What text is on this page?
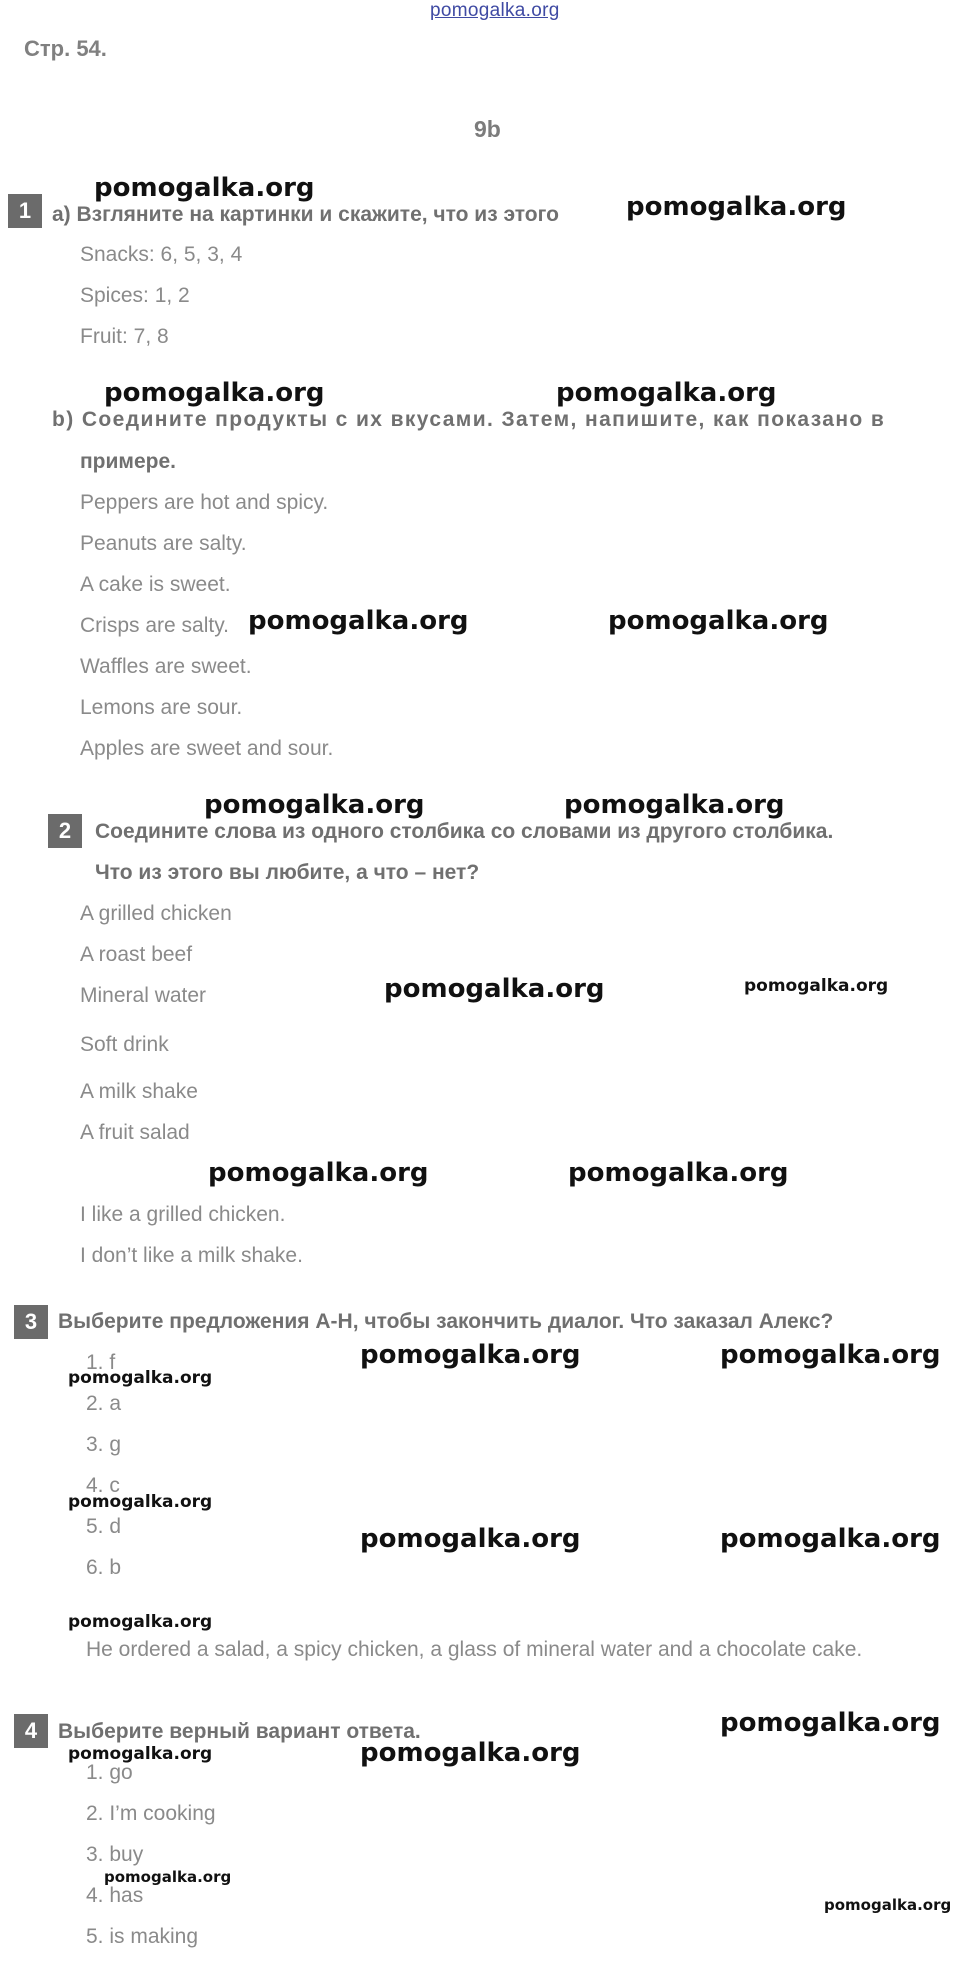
pomogalka.org
Стр. 54.
9b
1 a) Взгляните на картинки и скажите, что из этого
Snacks: 6, 5, 3, 4
Spices: 1, 2
Fruit: 7, 8
b) Соедините продукты с их вкусами. Затем, напишите, как показано в
примере.
Peppers are hot and spicy.
Peanuts are salty.
A cake is sweet.
Crisps are salty.
Waffles are sweet.
Lemons are sour.
Apples are sweet and sour.
2	Соедините слова из одного столбика со словами из другого столбика.
Что из этого вы любите, а что – нет?
A grilled chicken
A roast beef
Mineral water
Soft drink
A milk shake
A fruit salad
I like a grilled chicken.
I don’t like a milk shake.
3 Выберите предложения A-H, чтобы закончить диалог. Что заказал Алекс?
1. f
2. a
3. g
4. c
5. d
6. b
He ordered a salad, a spicy chicken, a glass of mineral water and a chocolate cake.
4 Выберите верный вариант ответа.
1. go
2. I’m cooking
3. buy
4. has
5. is making
pomogalka.org
pomogalka.org
pomogalka.org	pomogalka.org
pomogalka.org	pomogalka.org
pomogalka.org	pomogalka.org
pomogalka.org	pomogalka.org
pomogalka.org	pomogalka.org
pomogalka.org	pomogalka.org
pomogalka.org
pomogalka.org
pomogalka.org	pomogalka.org
pomogalka.org
pomogalka.org
pomogalka.org	pomogalka.org
pomogalka.org
pomogalka.org
